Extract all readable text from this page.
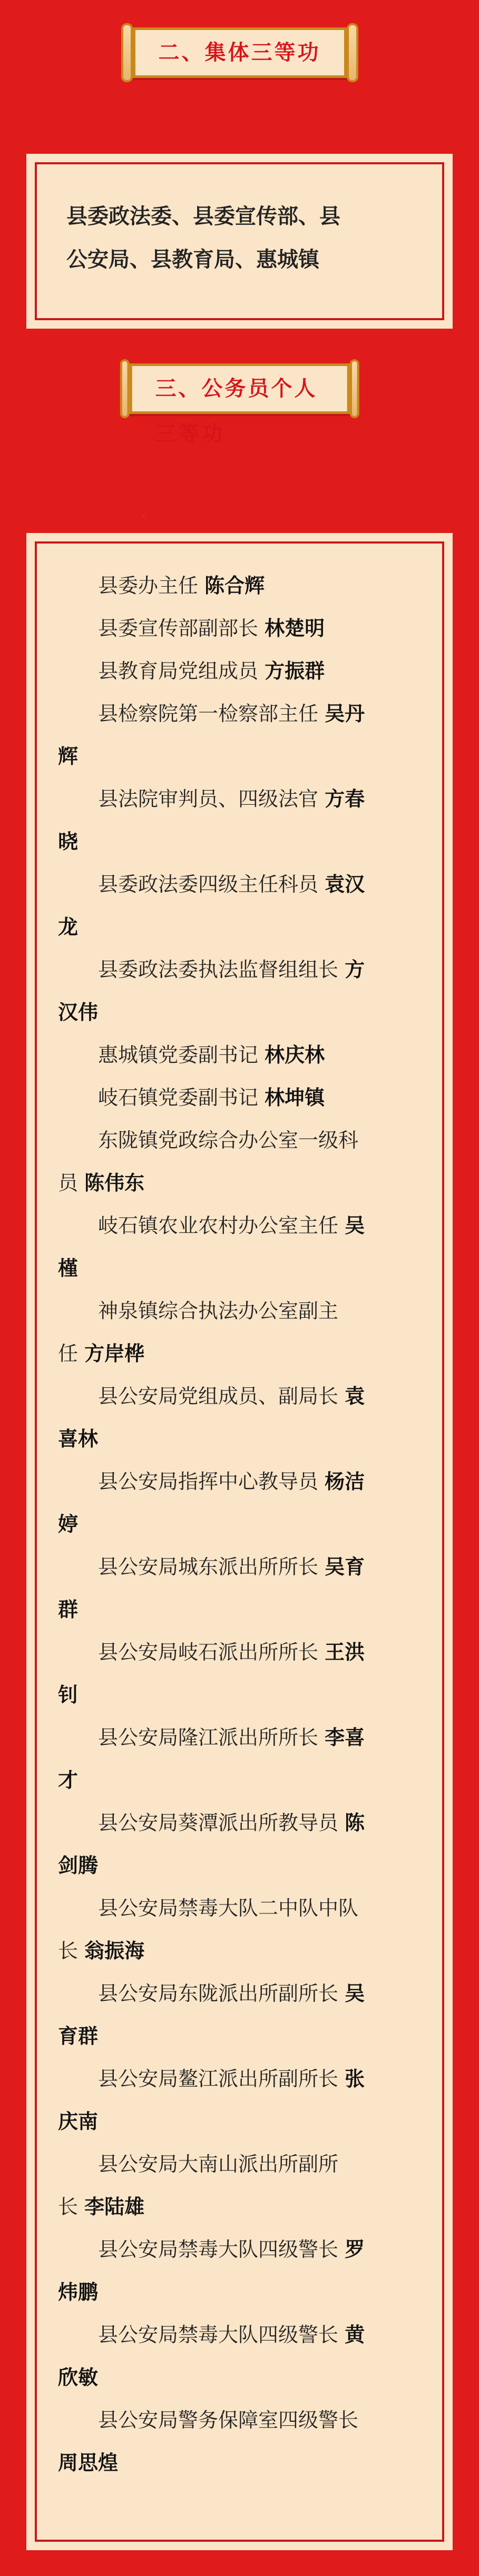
二、集体三等功
县委政法委、县委宣传部、县
公安局、县教育局、惠城镇
三、公务员个人三等功
县委办主任 陈合辉
县委宣传部副部长 林楚明
县教育局党组成员 方振群
县检察院第一检察部主任 吴丹
辉
县法院审判员、四级法官 方春
晓
县委政法委四级主任科员 袁汉
龙
县委政法委执法监督组组长 方
汉伟
惠城镇党委副书记 林庆林
岐石镇党委副书记 林坤镇
东陇镇党政综合办公室一级科
员 陈伟东
岐石镇农业农村办公室主任 吴
槿
神泉镇综合执法办公室副主
任 方岸桦
县公安局党组成员、副局长 袁
喜林
县公安局指挥中心教导员 杨洁
婷
县公安局城东派出所所长 吴育
群
县公安局岐石派出所所长 王洪
钊
县公安局隆江派出所所长 李喜
才
县公安局葵潭派出所教导员 陈
剑腾
县公安局禁毒大队二中队中队
长 翁振海
县公安局东陇派出所副所长 吴
育群
县公安局鳌江派出所副所长 张
庆南
县公安局大南山派出所副所
长 李陆雄
县公安局禁毒大队四级警长 罗
炜鹏
县公安局禁毒大队四级警长 黄
欣敏
县公安局警务保障室四级警长
周思煌
